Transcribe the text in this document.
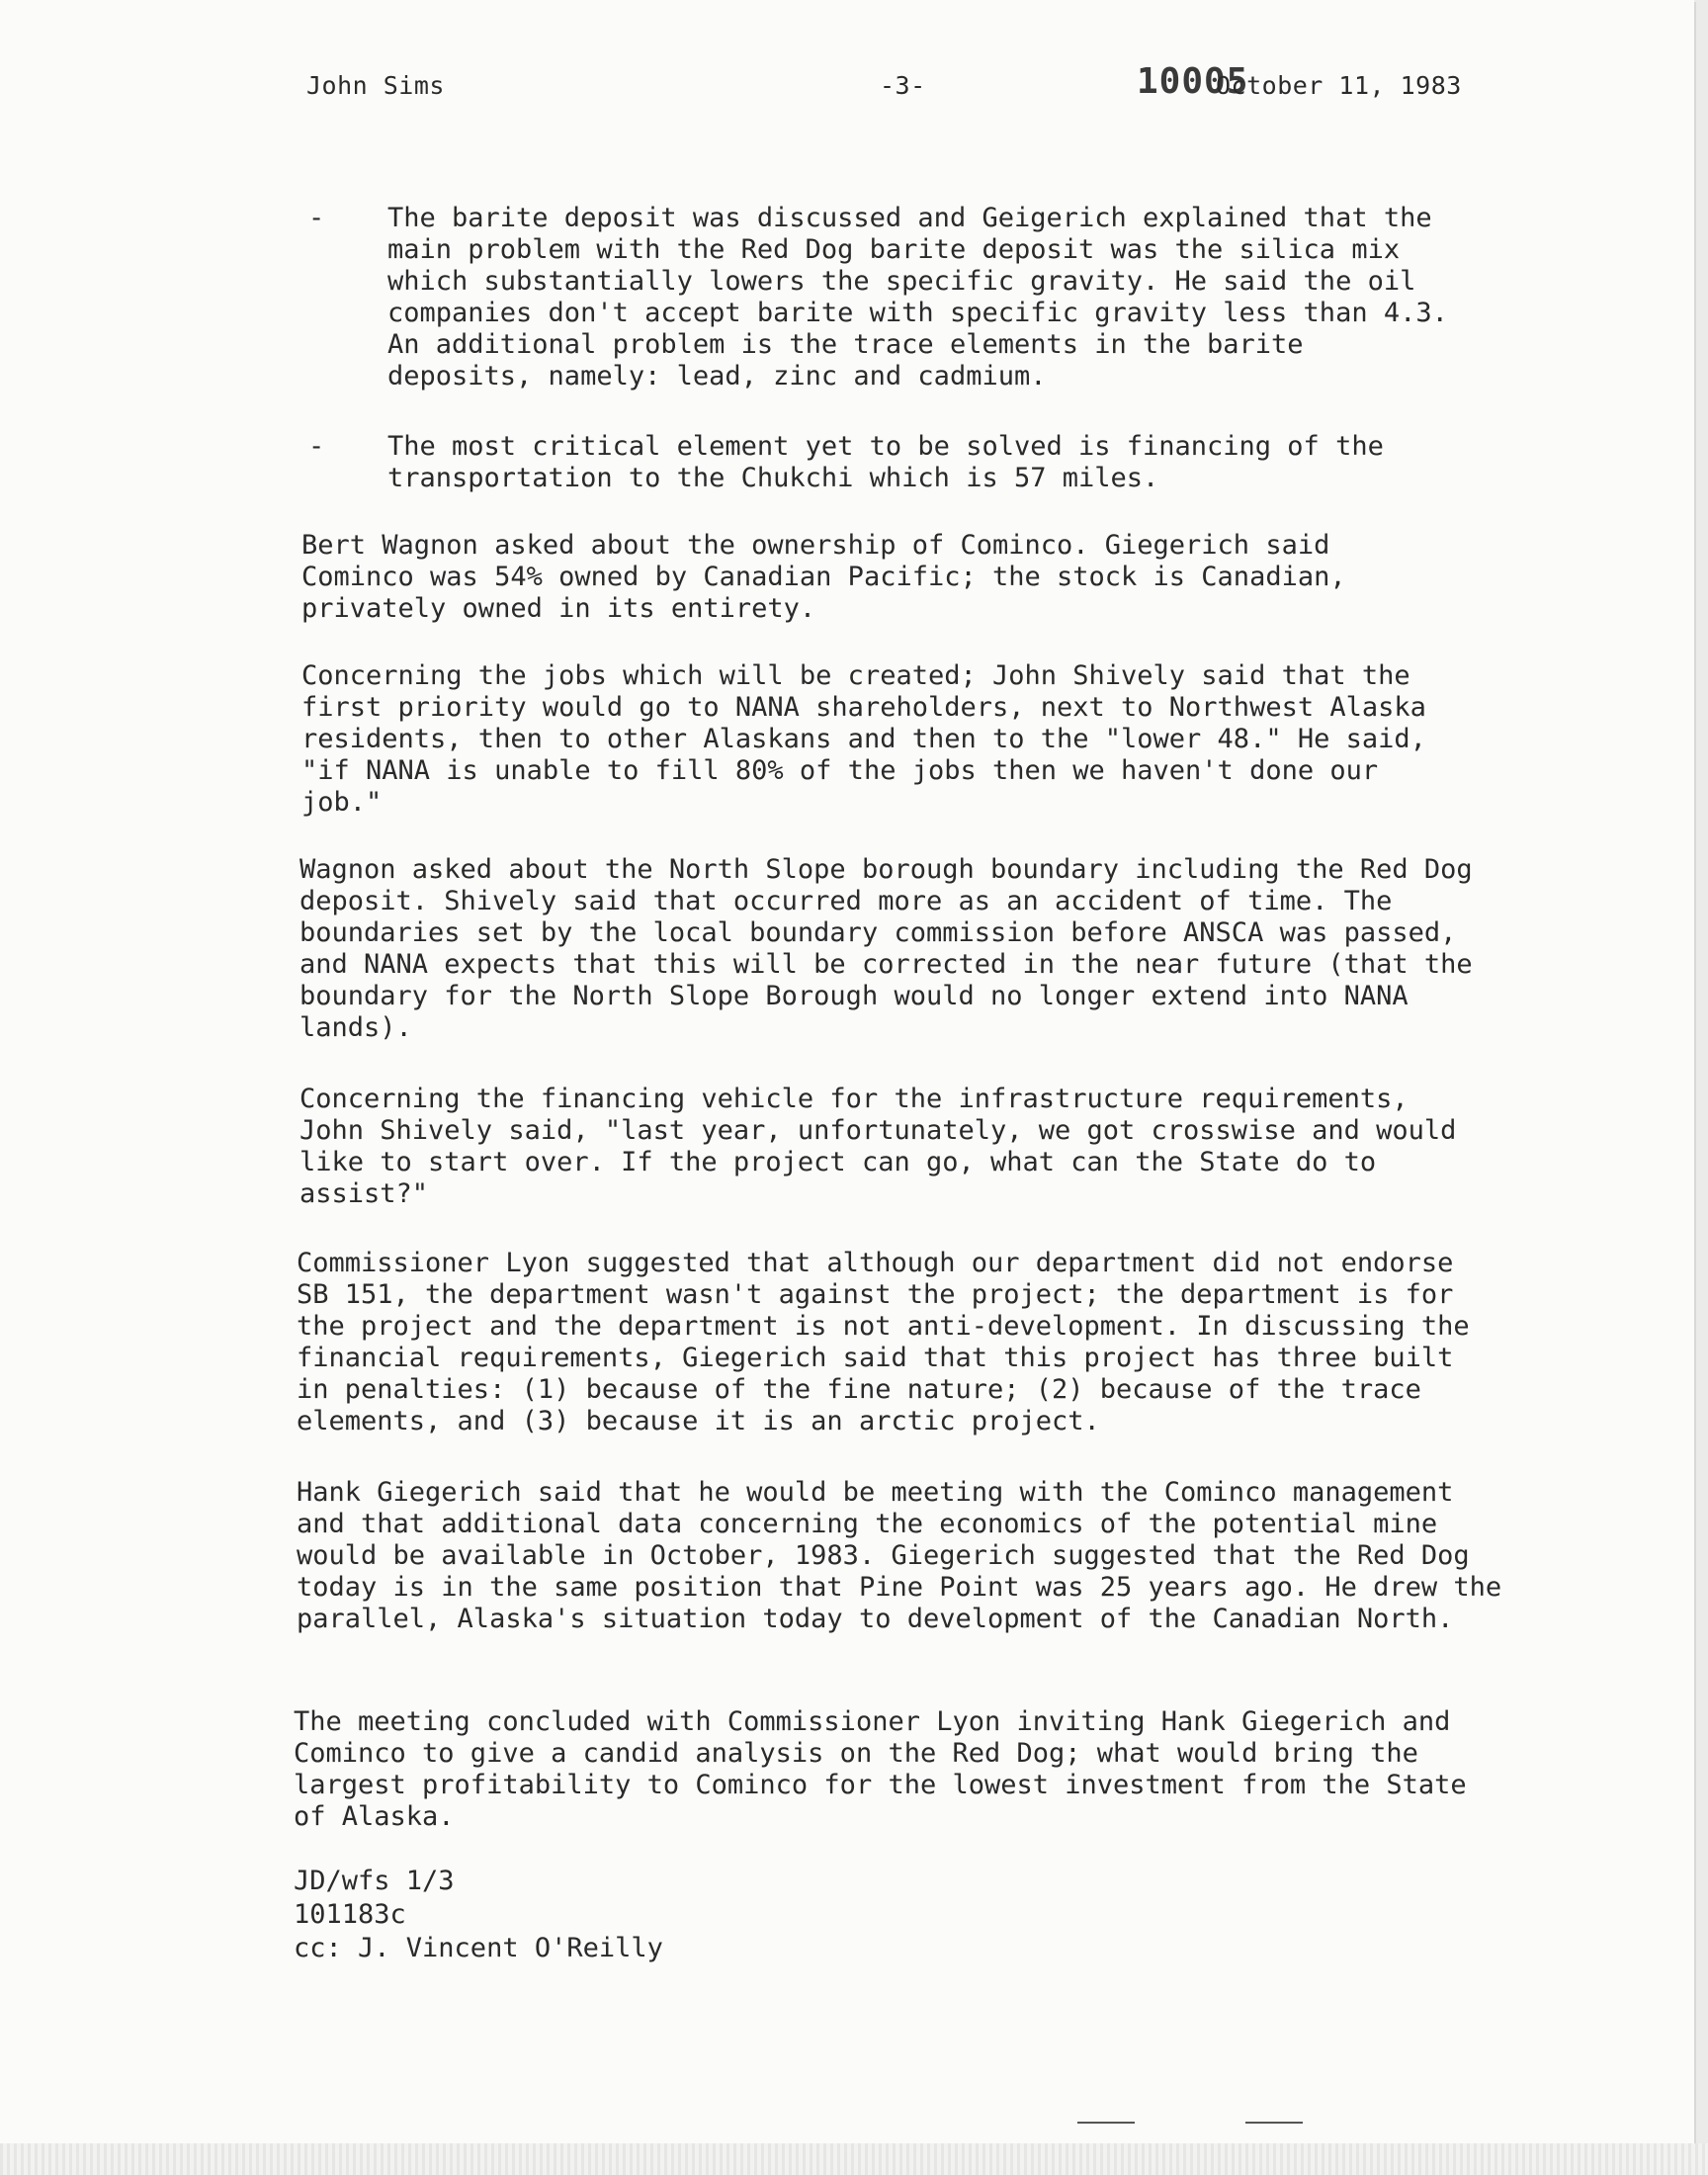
John Sims	-3-	10005
October 11, 1983
- The barite deposit was discussed and Geigerich explained that the main problem with the Red Dog barite deposit was the silica mix which substantially lowers the specific gravity. He said the oil companies don't accept barite with specific gravity less than 4.3. An additional problem is the trace elements in the barite deposits, namely: lead, zinc and cadmium.

- The most critical element yet to be solved is financing of the transportation to the Chukchi which is 57 miles.

Bert Wagnon asked about the ownership of Cominco. Giegerich said Cominco was 54% owned by Canadian Pacific; the stock is Canadian, privately owned in its entirety.

Concerning the jobs which will be created; John Shively said that the first priority would go to NANA shareholders, next to Northwest Alaska residents, then to other Alaskans and then to the "lower 48." He said, "if NANA is unable to fill 80% of the jobs then we haven't done our job."

Wagnon asked about the North Slope borough boundary including the Red Dog deposit. Shively said that occurred more as an accident of time. The boundaries set by the local boundary commission before ANSCA was passed, and NANA expects that this will be corrected in the near future (that the boundary for the North Slope Borough would no longer extend into NANA lands).

Concerning the financing vehicle for the infrastructure requirements, John Shively said, "last year, unfortunately, we got crosswise and would like to start over. If the project can go, what can the State do to assist?"

Commissioner Lyon suggested that although our department did not endorse SB 151, the department wasn't against the project; the department is for the project and the department is not anti-development. In discussing the financial requirements, Giegerich said that this project has three built in penalties: (1) because of the fine nature; (2) because of the trace elements, and (3) because it is an arctic project.

Hank Giegerich said that he would be meeting with the Cominco management and that additional data concerning the economics of the potential mine would be available in October, 1983. Giegerich suggested that the Red Dog today is in the same position that Pine Point was 25 years ago. He drew the parallel, Alaska's situation today to development of the Canadian North.

The meeting concluded with Commissioner Lyon inviting Hank Giegerich and Cominco to give a candid analysis on the Red Dog; what would bring the largest profitability to Cominco for the lowest investment from the State of Alaska.

JD/wfs 1/3
101183c
cc: J. Vincent O'Reilly
